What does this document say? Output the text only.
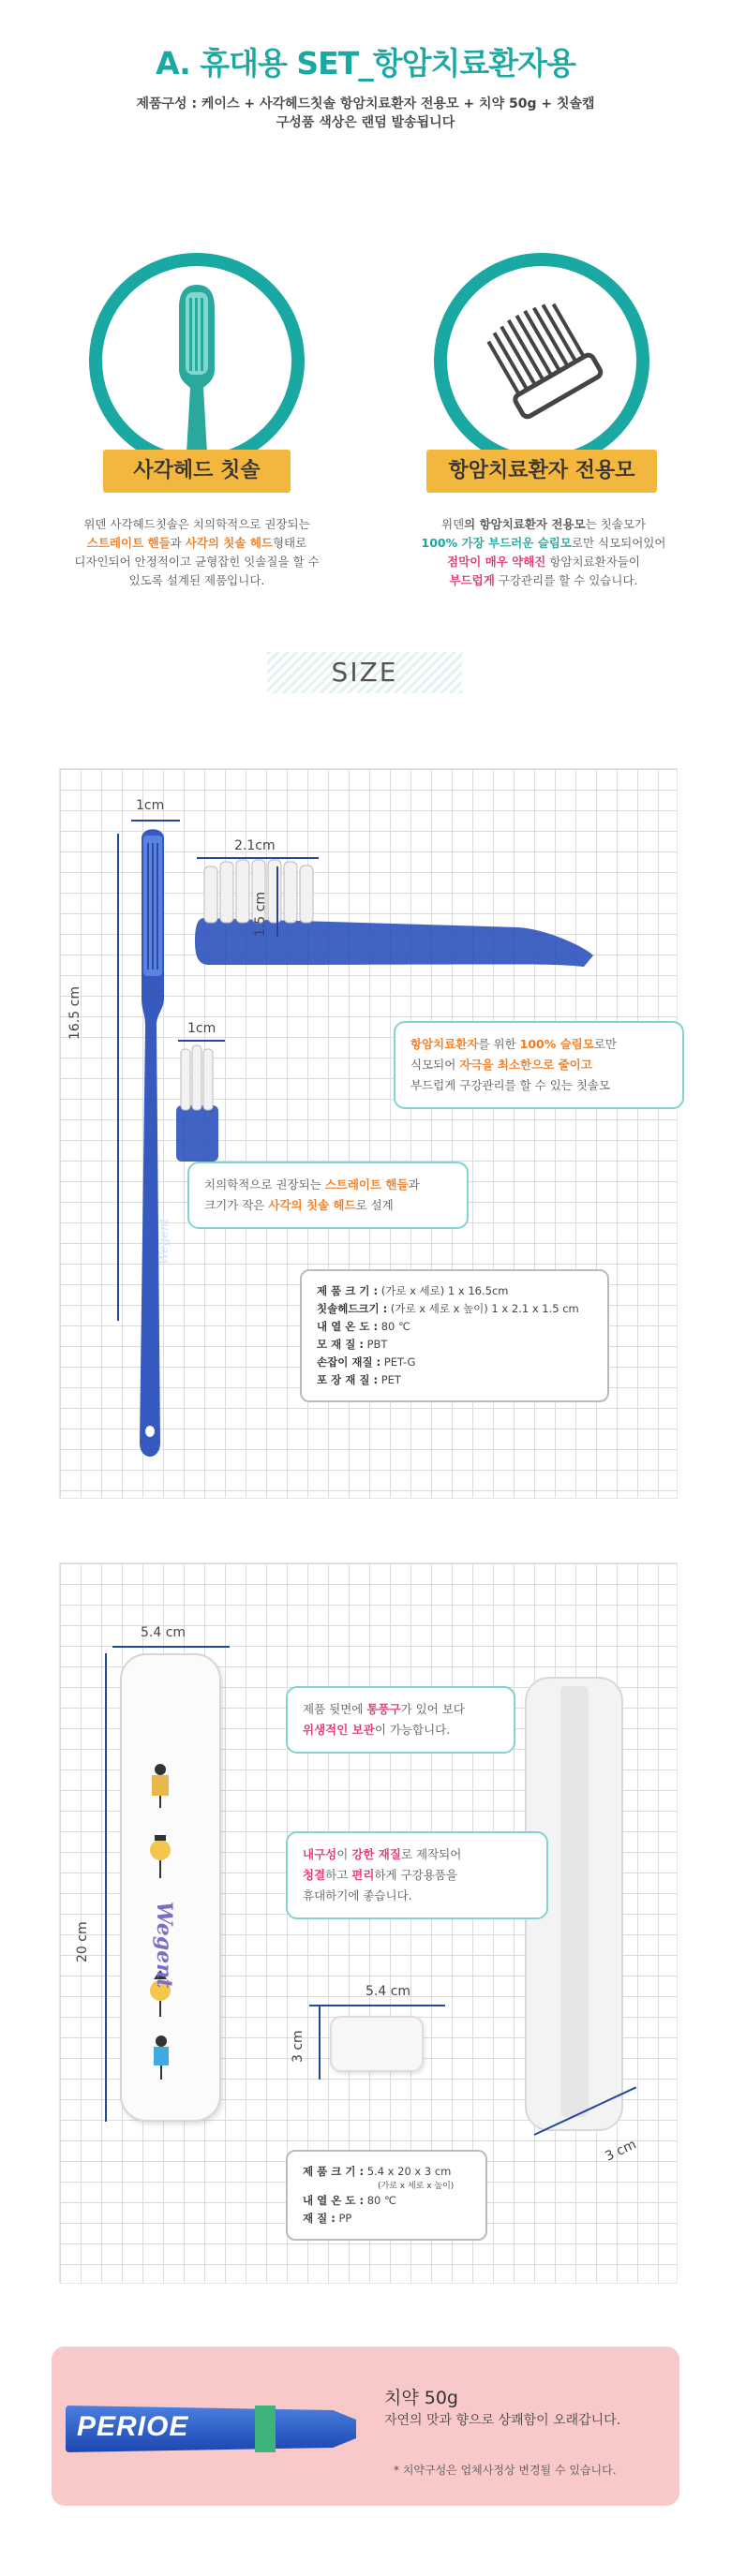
A. 휴대용 SET_항암치료환자용
제품구성 : 케이스 + 사각헤드칫솔 항암치료환자 전용모 + 치약 50g + 칫솔캡
구성품 색상은 랜덤 발송됩니다
사각헤드 칫솔
위덴 사각헤드칫솔은 치의학적으로 권장되는
스트레이트 핸들과 사각의 칫솔 헤드형태로
디자인되어 안정적이고 균형잡힌 잇솔질을 할 수
있도록 설계된 제품입니다.
항암치료환자 전용모
위덴의 항암치료환자 전용모는 칫솔모가
100% 가장 부드러운 슬림모로만 식모되어있어
점막이 매우 약해진 항암치료환자들이
부드럽게 구강관리를 할 수 있습니다.
SIZE
1cm
16.5 cm
2.1cm
1.5 cm
1cm
Wegent
항암치료환자를 위한 100% 슬림모로만
식모되어 자극을 최소한으로 줄이고
부드럽게 구강관리를 할 수 있는 칫솔모
치의학적으로 권장되는 스트레이트 핸들과
크기가 작은 사각의 칫솔 헤드로 설계
제 품 크 기 : (가로 x 세로) 1 x 16.5cm
칫솔헤드크기 : (가로 x 세로 x 높이) 1 x 2.1 x 1.5 cm
내 열 온 도 : 80 ℃
모 재 질 : PBT
손잡이 재질 : PET-G
포 장 재 질 : PET
Wegent
5.4 cm
20 cm
3 cm
5.4 cm
3 cm
제품 뒷면에 통풍구가 있어 보다
위생적인 보관이 가능합니다.
내구성이 강한 재질로 제작되어
청결하고 편리하게 구강용품을
휴대하기에 좋습니다.
제 품 크 기 : 5.4 x 20 x 3 cm
(가로 x 세로 x 높이)
내 열 온 도 : 80 ℃
재 질 : PP
PERIOE
치약 50g
자연의 맛과 향으로 상쾌함이 오래갑니다.
* 치약구성은 업체사정상 변경될 수 있습니다.
